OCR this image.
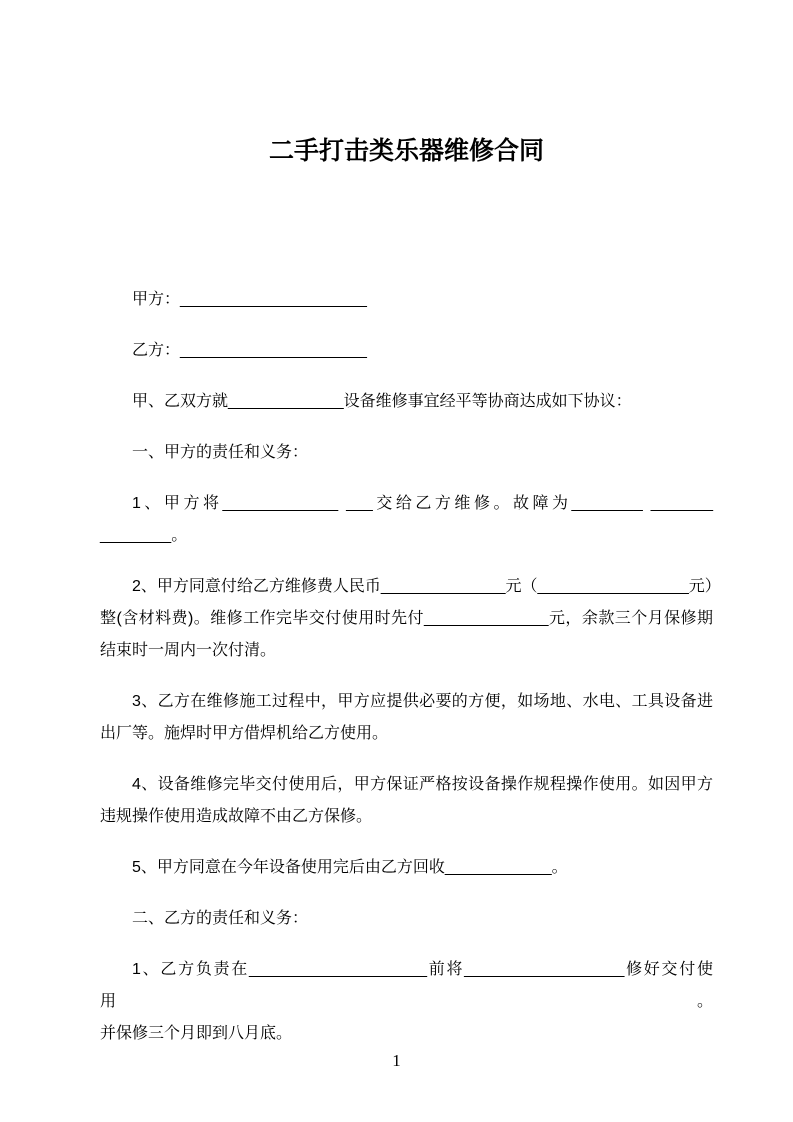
二手打击类乐器维修合同
甲方：_____________________
乙方：_____________________
甲、乙双方就_____________设备维修事宜经平等协商达成如下协议：
一、甲方的责任和义务：
1、甲方将_____________ ___交给乙方维修。故障为________ _______
________。
2、甲方同意付给乙方维修费人民币______________元（_________________元）
整(含材料费)。维修工作完毕交付使用时先付______________元，余款三个月保修期
结束时一周内一次付清。
3、乙方在维修施工过程中，甲方应提供必要的方便，如场地、水电、工具设备进
出厂等。施焊时甲方借焊机给乙方使用。
4、设备维修完毕交付使用后，甲方保证严格按设备操作规程操作使用。如因甲方
违规操作使用造成故障不由乙方保修。
5、甲方同意在今年设备使用完后由乙方回收____________。
二、乙方的责任和义务：
1、乙方负责在____________________前将__________________修好交付使用。
并保修三个月即到八月底。
1
